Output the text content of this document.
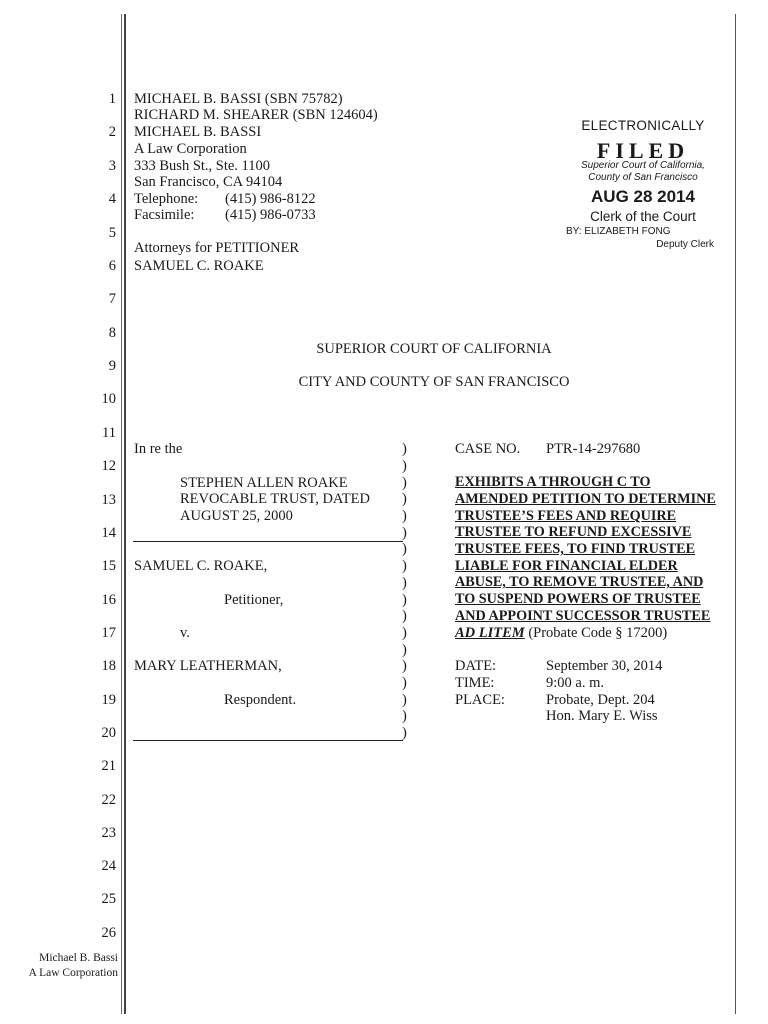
1
2
3
4
5
6
7
8
9
10
11
12
13
14
15
16
17
18
19
20
21
22
23
24
25
26
MICHAEL B. BASSI (SBN 75782)
RICHARD M. SHEARER (SBN 124604)
MICHAEL B. BASSI
A Law Corporation
333 Bush St., Ste. 1100
San Francisco, CA 94104
Telephone: (415) 986-8122
Facsimile: (415) 986-0733
Attorneys for PETITIONER
SAMUEL C. ROAKE
ELECTRONICALLY
FILED
Superior Court of California,
County of San Francisco
AUG 28 2014
Clerk of the Court
BY: ELIZABETH FONG
Deputy Clerk
SUPERIOR COURT OF CALIFORNIA
CITY AND COUNTY OF SAN FRANCISCO
In re the
STEPHEN ALLEN ROAKE
REVOCABLE TRUST, DATED
AUGUST 25, 2000
SAMUEL C. ROAKE,
Petitioner,
v.
MARY LEATHERMAN,
Respondent.
)
)
)
)
)
)
)
)
)
)
)
)
)
)
)
)
)
)
CASE NO. PTR-14-297680
EXHIBITS A THROUGH C TO
AMENDED PETITION TO DETERMINE
TRUSTEE’S FEES AND REQUIRE
TRUSTEE TO REFUND EXCESSIVE
TRUSTEE FEES, TO FIND TRUSTEE
LIABLE FOR FINANCIAL ELDER
ABUSE, TO REMOVE TRUSTEE, AND
TO SUSPEND POWERS OF TRUSTEE
AND APPOINT SUCCESSOR TRUSTEE
AD LITEM (Probate Code § 17200)
DATE:	September 30, 2014
TIME:	9:00 a. m.
PLACE:	Probate, Dept. 204
Hon. Mary E. Wiss
Michael B. Bassi
A Law Corporation
